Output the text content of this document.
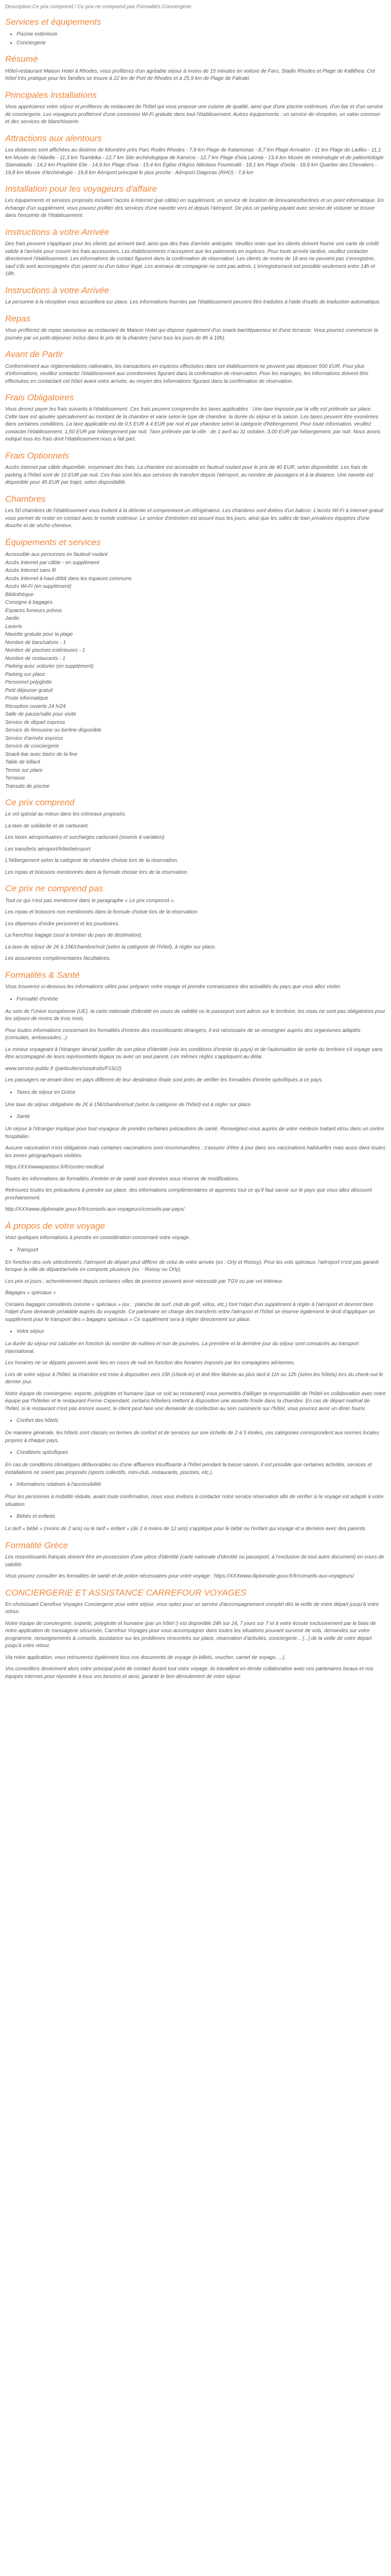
Description Ce prix comprend / Ce prix ne comprend pas Formalités Conciergerie
Services et équipements
• Piscine extérieure
• Conciergerie
Résumé

Hôtel-restaurant Maison Hotel à Rhodes, vous profiterez d'un agréable séjour à moins de 15 minutes en voiture de Faro, Stadio Rhodes et Plage de Kallithea. Cet hôtel très pratique pour les familles se trouve à 22 km de Port de Rhodes et à 25,9 km de Plage de Faliraki.

Principales Installations

Vous apprécierez votre séjour et profiterez du restaurant de l'hôtel qui vous propose une cuisine de qualité, ainsi que d'une piscine extérieure, d'un bar et d'un service de conciergerie. Les voyageurs profiteront d'une connexion Wi-Fi gratuite dans tout l'établissement. Autres équipements : un service de réception, un salon commun et des services de blanchisserie.

Attractions aux alentours

Les distances sont affichées au dixième de kilomètre près Parc Rodini Rhodes - 7,8 km Plage de Kalamonas - 8,7 km Plage Arrivalon - 11 km Plage de Ladiko - 11,1 km Musée de l'Abeille - 11,3 km Tsambika - 12,7 km Site archéologique de Kamiros - 12,7 km Plage d'Ixia Laonia - 13,4 km Musée de minéralogie et de paléontologie Stamatiadis - 14,2 km Prophète Elie - 14,9 km Plage d'Ixia - 15,4 km Église d'Agios Nikolaos Fountoukli - 18,1 km Plage d'Ixida - 18,8 km Quartier des Chevaliers - 19,8 km Musée d'Archéologie - 19,8 km Aéroport principal le plus proche : Aéroport Diagoras (RHO) - 7,8 km

Installation pour les voyageurs d'affaire

Les équipements et services proposés incluent l'accès à Internet (par câble) en supplément, un service de location de limousines/berlines et un point informatique. En échange d'un supplément, vous pouvez profiter des services d'une navette vers et depuis l'aéroport. De plus un parking payant avec service de voiturier se trouve dans l'enceinte de l'établissement.

Instructions à votre Arrivée

Des frais peuvent s'appliquer pour les clients qui arrivent tard, ainsi que des frais d'arrivée anticipée. Veuillez noter que les clients doivent fournir une carte de crédit valide à l'arrivée pour couvrir les frais accessoires. Les établissements n'acceptent que les paiements en espèces. Pour toute arrivée tardive, veuillez contacter directement l'établissement. Les informations de contact figurent dans la confirmation de réservation. Les clients de moins de 18 ans ne peuvent pas s'enregistrer, sauf s'ils sont accompagnés d'un parent ou d'un tuteur légal. Les animaux de compagnie ne sont pas admis. L'enregistrement est possible seulement entre 14h et 18h.

Instructions à votre Arrivée

La personne à la réception vous accueillera sur place. Les informations fournies par l'établissement peuvent être traduites à l'aide d'outils de traduction automatique.

Repas

Vous profiterez de repas savoureux au restaurant de Maison Hotel qui dispose également d'un snack-bar/dépanneur et d'une terrasse. Vous pourrez commencer la journée par un petit-déjeuner inclus dans le prix de la chambre (servi tous les jours de 8h à 10h).

Avant de Partir

Conformément aux réglementations nationales, les transactions en espèces effectuées dans cet établissement ne peuvent pas dépasser 500 EUR. Pour plus d'informations, veuillez contacter l'établissement aux coordonnées figurant dans la confirmation de réservation. Pour les mariages, les informations doivent être effectuées en contactant cet hôtel avant votre arrivée, au moyen des informations figurant dans la confirmation de réservation.

Frais Obligatoires

Vous devrez payer les frais suivants à l'établissement. Ces frais peuvent comprendre les taxes applicables : Une taxe imposée par la ville est prélevée sur place. Cette taxe est ajoutée spécialement au montant de la chambre et varie selon le type de chambre, la durée du séjour et la saison. Les taxes peuvent être exonérées dans certaines conditions. La taxe applicable est de 0,5 EUR à 4 EUR par nuit et par chambre selon la catégorie d'hébergement. Pour toute information, veuillez contacter l'établissement. 1,50 EUR par hébergement par nuit. Taxe prélevée par la ville : de 1 avril au 31 octobre, 3,00 EUR par hébergement, par nuit. Nous avons indiqué tous les frais dont l'établissement nous a fait part.

Frais Optionnels

Accès internet par câble disponible, moyennant des frais. La chambre est accessible en fauteuil roulant pour le prix de 40 EUR, selon disponibilité. Les frais de parking à l'hôtel sont de 10 EUR par nuit. Ces frais sont liés aux services de transfert depuis l'aéroport, au nombre de passagers et à la distance. Une navette est disponible pour 45 EUR par trajet, selon disponibilité.

Chambres

Les 50 chambres de l'établissement vous invitent à la détente et comprennent un réfrigérateur. Les chambres sont dotées d'un balcon. L'accès Wi-Fi à Internet gratuit vous permet de rester en contact avec le monde extérieur. Le service d'entretien est assuré tous les jours, ainsi que les salles de bain privatives équipées d'une douche et de sèche-cheveux.

Équipements et services
Accessible aux personnes en fauteuil roulant
Accès Internet par câble - en supplément
Accès Internet sans fil
Accès Internet à haut débit dans les espaces communs
Accès Wi-Fi (en supplément)
Bibliothèque
Consigne à bagages
Espaces fumeurs prévus
Jardin
Laverie
Navette gratuite pour la plage
Nombre de bars/salons - 1
Nombre de piscines extérieures - 1
Nombre de restaurants - 1
Parking avec voiturier (en supplément)
Parking sur place
Personnel polyglotte
Petit déjeuner gratuit
Poste informatique
Réception ouverte 24 h/24
Salle de pause/salle pour visite
Service de départ express
Service de limousine ou berline disponible
Service d'arrivée express
Service de conciergerie
Snack-bar avec bistro de la fine
Table de billard
Tennis sur place
Terrasse
Transats de piscine
Ce prix comprend

Le vol spécial au mieux dans les créneaux proposés.

La taxe de solidarité et de carburant.

Les taxes aéroportuaires et surcharges carburant (soumis à variation).

Les transferts aéroport/hôtel/aéroport.

L'hébergement selon la catégorie de chambre choisie lors de la réservation.

Les repas et boissons mentionnés dans la formule choisie lors de la réservation.

Ce prix ne comprend pas

Tout ce qui n'est pas mentionné dans le paragraphe « Le prix comprend ».

Les repas et boissons non mentionnés dans la formule choisie lors de la réservation.

Les dépenses d'ordre personnel et les pourboires.

La franchise bagage (seul à tomber du pays de destination).

La taxe de séjour de 2€ à 15€/chambre/nuit (selon la catégorie de l'hôtel), à régler sur place.

Les assurances complémentaires facultatives.

Formalités & Santé

Vous trouverez ci-dessous les informations utiles pour préparer votre voyage et prendre connaissance des actualités du pays que vous allez visiter.

• Formalité d'entrée

Au sein de l'Union européenne (UE), la carte nationale d'identité en cours de validité ou le passeport sont admis sur le territoire, les visas ne sont pas obligatoires pour les séjours de moins de trois mois.

Pour toutes informations concernant les formalités d'entrée des ressortissants étrangers, il est nécessaire de se renseigner auprès des organismes adaptés (consulats, ambassades...).

Le mineur voyageant à l'étranger devrait justifier de son pièce d'identité (voir les conditions d'entrée du pays) et de l'autorisation de sortie du territoire s'il voyage sans être accompagné de leurs représentants légaux ou avec un seul parent. Les mêmes règles s'appliquent au délai.

www.service-public.fr (particuliers/vosdroits/F1922)

Les passagers ne tenant donc en pays différent de leur destination finale sont priés de vérifier les formalités d'entrée spécifiques à ce pays.

• Taxes de séjour en Grèce

Une taxe de séjour obligatoire de 2€ à 15€/chambre/nuit (selon la catégorie de l'hôtel) est à régler sur place.

• Santé

Un séjour à l'étranger implique pour tout voyageur de prendre certaines précautions de santé. Renseignez-vous auprès de votre médecin traitant et/ou dans un centre hospitalier.

Aucune vaccination n'est obligatoire mais certaines vaccinations sont recommandées ; s'assurer d'être à jour dans ses vaccinations habituelles mais aussi dans toutes les zones géographiques visitées.

https://XXXwwwpasteur.fr/fr/centre-medical

Toutes les informations de formalités d'entrée et de santé sont données sous réserve de modifications.

Retrouvez toutes les précautions à prendre sur place, des informations complémentaires et apprenez tout ce qu'il faut savoir sur le pays que vous allez découvrir prochainement.

http://XXXwww.diplomatie.gouv.fr/fr/conseils-aux-voyageurs/conseils-par-pays/

À propos de votre voyage

Voici quelques informations à prendre en considération concernant votre voyage.

• Transport

En fonction des vols sélectionnés, l'aéroport de départ peut différer de celui de votre arrivée (ex : Orly et Roissy). Pour les vols spéciaux, l'aéroport n'est pas garanti lorsque la ville de départ/arrivée en comporte plusieurs (ex. : Roissy ou Orly).

Les prix et jours ; achemènement depuis certaines villes de province peuvent avoir nécessité par TGV ou par vol intérieur.

Bagages « spéciaux »

Certains bagages considérés comme « spéciaux » (ex. : planche de surf, club de golf, vélos, etc.) font l'objet d'un supplément à régler à l'aéroport et devront faire l'objet d'une demande préalable auprès du voyagiste. Ce partenaire en charge des transferts entre l'aéroport et l'hôtel se réserve également le droit d'appliquer un supplément pour le transport des « bagages spéciaux » Ce supplément sera à régler directement sur place.

• Votre séjour

La durée du séjour est calculée en fonction du nombre de nuitées et non de journées. La première et la dernière jour du séjour sont consacrés au transport international.

Les horaires ne se départs peuvent avoir lieu en cours de nuit en fonction des horaires imposés par les compagnies aériennes.

Lors de votre séjour à l'hôtel, la chambre est mise à disposition vers 15h (check-in) et doit être libérée au plus tard à 11h ou 12h (selon les hôtels) lors du check-out le dernier jour.

Notre équipe de conciergerie, experte, polyglotte et humaine (que ce soit au restaurant) vous permettra d'alléger la responsabilité de l'hôtel en collaboration avec notre équipe par l'hôtelier et le restaurant Ferme Cependant, certains hôteliers mettent à disposition une assiette froide dans la chambre. En cas de départ matinal de l'hôtel, si le restaurant n'est pas encore ouvert, le client peut faire une demande de confection au sein cuisinier/e sur l'hôtel, vous pourrez avoir un dîner fourni.

• Confort des hôtels

De manière générale, les hôtels sont classés en termes de confort et de services sur une échelle de 2 à 5 étoiles, ces catégories correspondent aux normes locales propres à chaque pays.

• Conditions spécifiques

En cas de conditions climatiques défavorables ou d'une affluence insuffisante à l'hôtel pendant la basse saison, il est possible que certaines activités, services et installations ne soient pas proposés (sports collectifs, mini-club, restaurants, piscines, etc.).

• Informations relatives à l'accessibilité

Pour les personnes à mobilité réduite, avant toute confirmation, nous vous invitons à contacter notre service réservation afin de vérifier si le voyage est adapté à votre situation.

• Bébés et enfants

Le tarif « bébé » (moins de 2 ans) ou le tarif « enfant » (de 2 à moins de 12 ans) s'applique pour le bébé ou l'enfant qui voyage et a dernière avec des parents.

Formalité Grèce

Les ressortissants français doivent être en possession d'une pièce d'identité (carte nationale d'identité ou passeport, à l'exclusion de tout autre document) en cours de validité.

Vous pouvez consulter les formalités de santé et de police nécessaires pour votre voyage : https://XXXwww.diplomatie.gouv.fr/fr/conseils-aux-voyageurs/

CONCIERGERIE ET ASSISTANCE CARREFOUR VOYAGES

En choisissant Carrefour Voyages Conciergerie pour votre séjour, vous optez pour un service d'accompagnement complet dès la veille de votre départ jusqu'à votre retour.

Notre équipe de conciergerie, experte, polyglotte et humaine (par un hôtel !) est disponible 24h sur 24, 7 jours sur 7 et à votre écoute exclusivement par le biais de notre application de messagerie sécurisée, Carrefour Voyages pour vous accompagner dans toutes les situations pouvant survenir de vols, demandes sur votre programme, renseignements & conseils, assistance sur les problèmes rencontrés sur place, réservation d'activités, conciergerie... [...] de la veille de votre départ jusqu'à votre retour.

Via notre application, vous retrouverez également tous vos documents de voyage (e-billets, voucher, carnet de voyage, ...).

Vos conseillers deviennent alors votre principal point de contact durant tout votre voyage, ils travaillent en étroite collaboration avec nos partenaires locaux et nos équipes internes pour répondre à tous vos besoins et ainsi, garantir le bon déroulement de votre séjour.
